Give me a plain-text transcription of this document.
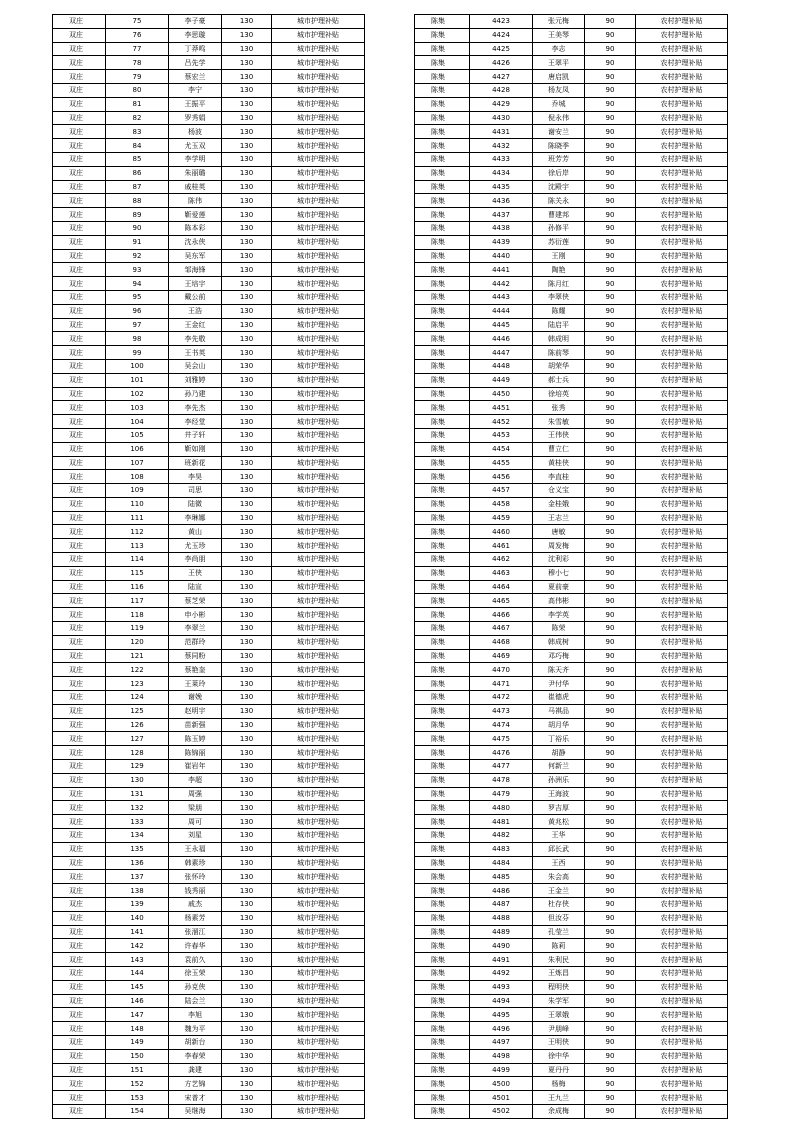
双庄	75	李子豪	130	城市护理补贴
双庄	76	李思璇	130	城市护理补贴
双庄	77	丁莽鸣	130	城市护理补贴
双庄	78	吕先学	130	城市护理补贴
双庄	79	蔡宏兰	130	城市护理补贴
双庄	80	李宁	130	城市护理补贴
双庄	81	王振平	130	城市护理补贴
双庄	82	罗秀娟	130	城市护理补贴
双庄	83	杨波	130	城市护理补贴
双庄	84	尤玉双	130	城市护理补贴
双庄	85	李学明	130	城市护理补贴
双庄	86	朱丽璐	130	城市护理补贴
双庄	87	戚桂英	130	城市护理补贴
双庄	88	陈伟	130	城市护理补贴
双庄	89	靳爱莲	130	城市护理补贴
双庄	90	陈本彩	130	城市护理补贴
双庄	91	沈永侠	130	城市护理补贴
双庄	92	吴东军	130	城市护理补贴
双庄	93	邹海锋	130	城市护理补贴
双庄	94	王培宇	130	城市护理补贴
双庄	95	戴公前	130	城市护理补贴
双庄	96	王浩	130	城市护理补贴
双庄	97	王金红	130	城市护理补贴
双庄	98	李先敬	130	城市护理补贴
双庄	99	王书英	130	城市护理补贴
双庄	100	吴会山	130	城市护理补贴
双庄	101	刘雅婷	130	城市护理补贴
双庄	102	孙乃建	130	城市护理补贴
双庄	103	李先杰	130	城市护理补贴
双庄	104	李经堂	130	城市护理补贴
双庄	105	井子轩	130	城市护理补贴
双庄	106	靳如刚	130	城市护理补贴
双庄	107	班新花	130	城市护理补贴
双庄	108	李昊	130	城市护理补贴
双庄	109	司思	130	城市护理补贴
双庄	110	陆微	130	城市护理补贴
双庄	111	李琳娜	130	城市护理补贴
双庄	112	黄山	130	城市护理补贴
双庄	113	尤玉珍	130	城市护理补贴
双庄	114	李尚朋	130	城市护理补贴
双庄	115	王侠	130	城市护理补贴
双庄	116	陆宣	130	城市护理补贴
双庄	117	蔡芝荣	130	城市护理补贴
双庄	118	申小彬	130	城市护理补贴
双庄	119	李翠兰	130	城市护理补贴
双庄	120	范群玲	130	城市护理补贴
双庄	121	蔡同粉	130	城市护理补贴
双庄	122	蔡艳奎	130	城市护理补贴
双庄	123	王莱玲	130	城市护理补贴
双庄	124	谢娩	130	城市护理补贴
双庄	125	赵明宇	130	城市护理补贴
双庄	126	苗新强	130	城市护理补贴
双庄	127	陈玉婷	130	城市护理补贴
双庄	128	陈锦丽	130	城市护理补贴
双庄	129	崔岩年	130	城市护理补贴
双庄	130	李超	130	城市护理补贴
双庄	131	周强	130	城市护理补贴
双庄	132	梁朋	130	城市护理补贴
双庄	133	周可	130	城市护理补贴
双庄	134	刘星	130	城市护理补贴
双庄	135	王永福	130	城市护理补贴
双庄	136	韩素珍	130	城市护理补贴
双庄	137	张怀玲	130	城市护理补贴
双庄	138	钱秀丽	130	城市护理补贴
双庄	139	戚杰	130	城市护理补贴
双庄	140	杨素芳	130	城市护理补贴
双庄	141	张溜江	130	城市护理补贴
双庄	142	许春华	130	城市护理补贴
双庄	143	袁前久	130	城市护理补贴
双庄	144	徐玉荣	130	城市护理补贴
双庄	145	孙克侠	130	城市护理补贴
双庄	146	陆会兰	130	城市护理补贴
双庄	147	李旭	130	城市护理补贴
双庄	148	魏为平	130	城市护理补贴
双庄	149	胡新台	130	城市护理补贴
双庄	150	李春荣	130	城市护理补贴
双庄	151	龚建	130	城市护理补贴
双庄	152	方艺锦	130	城市护理补贴
双庄	153	宋普才	130	城市护理补贴
双庄	154	吴继海	130	城市护理补贴
陈集	4423	张元梅	90	农村护理补贴
陈集	4424	王美琴	90	农村护理补贴
陈集	4425	李志	90	农村护理补贴
陈集	4426	王翠平	90	农村护理补贴
陈集	4427	唐启凯	90	农村护理补贴
陈集	4428	杨友凤	90	农村护理补贴
陈集	4429	乔城	90	农村护理补贴
陈集	4430	倪永伟	90	农村护理补贴
陈集	4431	谢安兰	90	农村护理补贴
陈集	4432	陈晓季	90	农村护理补贴
陈集	4433	班芳芳	90	农村护理补贴
陈集	4434	徐后岸	90	农村护理补贴
陈集	4435	沈殿宇	90	农村护理补贴
陈集	4436	陈关永	90	农村护理补贴
陈集	4437	曹建邦	90	农村护理补贴
陈集	4438	孙修平	90	农村护理补贴
陈集	4439	苏衍莲	90	农村护理补贴
陈集	4440	王刚	90	农村护理补贴
陈集	4441	陶艳	90	农村护理补贴
陈集	4442	陈月红	90	农村护理补贴
陈集	4443	李翠侠	90	农村护理补贴
陈集	4444	陈耀	90	农村护理补贴
陈集	4445	陆启平	90	农村护理补贴
陈集	4446	韩成明	90	农村护理补贴
陈集	4447	陈前琴	90	农村护理补贴
陈集	4448	胡荣华	90	农村护理补贴
陈集	4449	郝士兵	90	农村护理补贴
陈集	4450	徐培英	90	农村护理补贴
陈集	4451	张秀	90	农村护理补贴
陈集	4452	朱雪敏	90	农村护理补贴
陈集	4453	王伟侠	90	农村护理补贴
陈集	4454	曹立仁	90	农村护理补贴
陈集	4455	黄桂侠	90	农村护理补贴
陈集	4456	李直桂	90	农村护理补贴
陈集	4457	仓义宝	90	农村护理补贴
陈集	4458	金桂娥	90	农村护理补贴
陈集	4459	王志兰	90	农村护理补贴
陈集	4460	唐敏	90	农村护理补贴
陈集	4461	周发梅	90	农村护理补贴
陈集	4462	沈利彩	90	农村护理补贴
陈集	4463	穆小七	90	农村护理补贴
陈集	4464	夏前豪	90	农村护理补贴
陈集	4465	高伟彬	90	农村护理补贴
陈集	4466	李学英	90	农村护理补贴
陈集	4467	陈荣	90	农村护理补贴
陈集	4468	韩成树	90	农村护理补贴
陈集	4469	邓巧梅	90	农村护理补贴
陈集	4470	陈天齐	90	农村护理补贴
陈集	4471	尹付华	90	农村护理补贴
陈集	4472	崔德虎	90	农村护理补贴
陈集	4473	马祺品	90	农村护理补贴
陈集	4474	胡月华	90	农村护理补贴
陈集	4475	丁裕乐	90	农村护理补贴
陈集	4476	胡静	90	农村护理补贴
陈集	4477	何新兰	90	农村护理补贴
陈集	4478	孙洲乐	90	农村护理补贴
陈集	4479	王海波	90	农村护理补贴
陈集	4480	罗吉厚	90	农村护理补贴
陈集	4481	黄兆松	90	农村护理补贴
陈集	4482	王华	90	农村护理补贴
陈集	4483	邱长武	90	农村护理补贴
陈集	4484	王西	90	农村护理补贴
陈集	4485	朱会高	90	农村护理补贴
陈集	4486	王金兰	90	农村护理补贴
陈集	4487	杜存侠	90	农村护理补贴
陈集	4488	但汝芬	90	农村护理补贴
陈集	4489	孔莹兰	90	农村护理补贴
陈集	4490	陈莉	90	农村护理补贴
陈集	4491	朱利民	90	农村护理补贴
陈集	4492	王炼昌	90	农村护理补贴
陈集	4493	程明侠	90	农村护理补贴
陈集	4494	朱学军	90	农村护理补贴
陈集	4495	王翠娥	90	农村护理补贴
陈集	4496	尹朋峰	90	农村护理补贴
陈集	4497	王明侠	90	农村护理补贴
陈集	4498	徐中华	90	农村护理补贴
陈集	4499	夏丹丹	90	农村护理补贴
陈集	4500	杨梅	90	农村护理补贴
陈集	4501	王九兰	90	农村护理补贴
陈集	4502	余成梅	90	农村护理补贴
